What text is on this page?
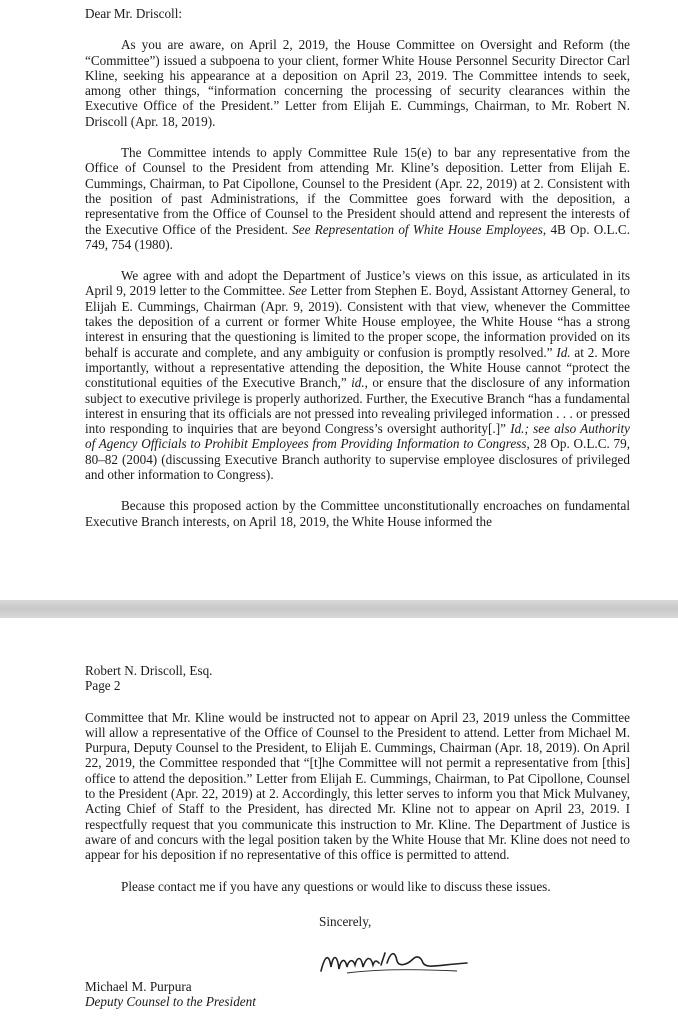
Dear Mr. Driscoll:

As you are aware, on April 2, 2019, the House Committee on Oversight and Reform (the “Committee”) issued a subpoena to your client, former White House Personnel Security Director Carl Kline, seeking his appearance at a deposition on April 23, 2019. The Committee intends to seek, among other things, “information concerning the processing of security clearances within the Executive Office of the President.” Letter from Elijah E. Cummings, Chairman, to Mr. Robert N. Driscoll (Apr. 18, 2019).

The Committee intends to apply Committee Rule 15(e) to bar any representative from the Office of Counsel to the President from attending Mr. Kline’s deposition. Letter from Elijah E. Cummings, Chairman, to Pat Cipollone, Counsel to the President (Apr. 22, 2019) at 2. Consistent with the position of past Administrations, if the Committee goes forward with the deposition, a representative from the Office of Counsel to the President should attend and represent the interests of the Executive Office of the President. See Representation of White House Employees, 4B Op. O.L.C. 749, 754 (1980).

We agree with and adopt the Department of Justice’s views on this issue, as articulated in its April 9, 2019 letter to the Committee. See Letter from Stephen E. Boyd, Assistant Attorney General, to Elijah E. Cummings, Chairman (Apr. 9, 2019). Consistent with that view, whenever the Committee takes the deposition of a current or former White House employee, the White House “has a strong interest in ensuring that the questioning is limited to the proper scope, the information provided on its behalf is accurate and complete, and any ambiguity or confusion is promptly resolved.” Id. at 2. More importantly, without a representative attending the deposition, the White House cannot “protect the constitutional equities of the Executive Branch,” id., or ensure that the disclosure of any information subject to executive privilege is properly authorized. Further, the Executive Branch “has a fundamental interest in ensuring that its officials are not pressed into revealing privileged information . . . or pressed into responding to inquiries that are beyond Congress’s oversight authority[.]” Id.; see also Authority of Agency Officials to Prohibit Employees from Providing Information to Congress, 28 Op. O.L.C. 79, 80–82 (2004) (discussing Executive Branch authority to supervise employee disclosures of privileged and other information to Congress).

Because this proposed action by the Committee unconstitutionally encroaches on fundamental Executive Branch interests, on April 18, 2019, the White House informed the

Robert N. Driscoll, Esq.

Page 2

Committee that Mr. Kline would be instructed not to appear on April 23, 2019 unless the Committee will allow a representative of the Office of Counsel to the President to attend. Letter from Michael M. Purpura, Deputy Counsel to the President, to Elijah E. Cummings, Chairman (Apr. 18, 2019). On April 22, 2019, the Committee responded that “[t]he Committee will not permit a representative from [this] office to attend the deposition.” Letter from Elijah E. Cummings, Chairman, to Pat Cipollone, Counsel to the President (Apr. 22, 2019) at 2. Accordingly, this letter serves to inform you that Mick Mulvaney, Acting Chief of Staff to the President, has directed Mr. Kline not to appear on April 23, 2019. I respectfully request that you communicate this instruction to Mr. Kline. The Department of Justice is aware of and concurs with the legal position taken by the White House that Mr. Kline does not need to appear for his deposition if no representative of this office is permitted to attend.

Please contact me if you have any questions or would like to discuss these issues.

Sincerely,

Michael M. Purpura

Deputy Counsel to the President
